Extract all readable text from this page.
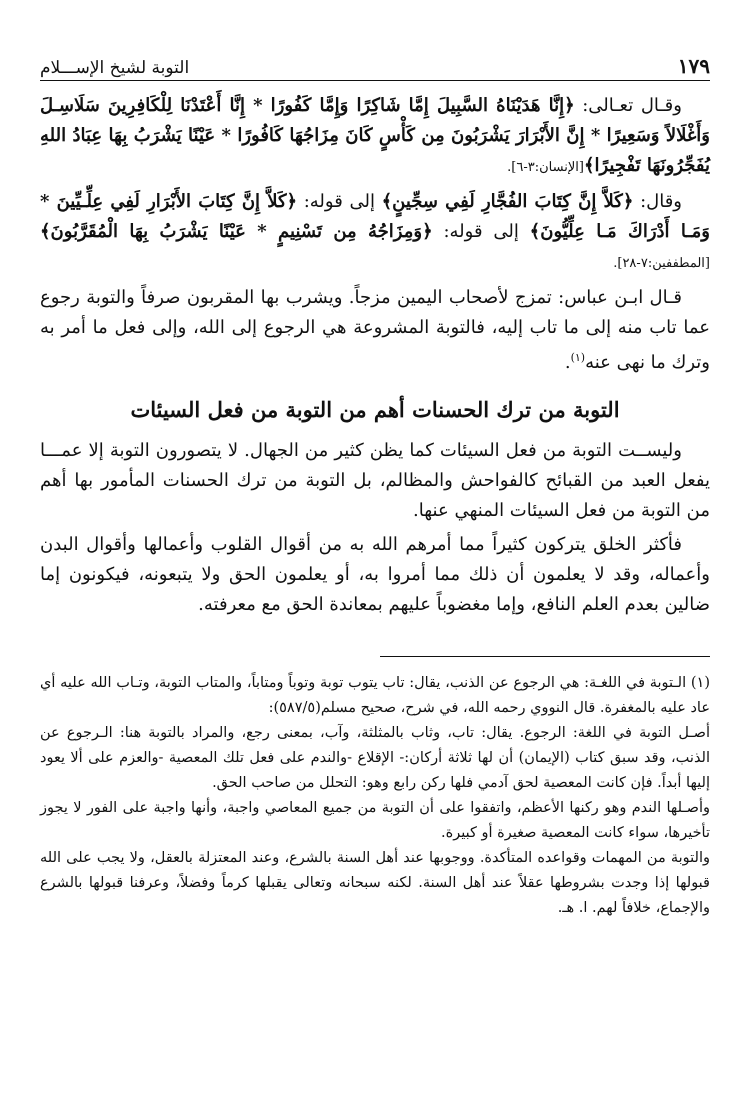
١٧٩
التوبة لشيخ الإســـلام

وقـال تعـالى: ﴿إِنَّا هَدَيْنَاهُ السَّبِيلَ إِمَّا شَاكِرًا وَإِمَّا كَفُورًا * إِنَّا أَعْتَدْنَا لِلْكَافِرِينَ سَلَاسِـلَ وَأَغْلَالاً وَسَعِيرًا * إِنَّ الأَبْرَارَ يَشْرَبُونَ مِن كَأْسٍ كَانَ مِزَاجُهَا كَافُورًا * عَيْنًا يَشْرَبُ بِهَا عِبَادُ اللهِ يُفَجِّرُونَهَا تَفْجِيرًا﴾[الإنسان:٣-٦].

وقال: ﴿كَلاَّ إِنَّ كِتَابَ الفُجَّارِ لَفِي سِجِّينٍ﴾ إلى قوله: ﴿كَلاَّ إِنَّ كِتَابَ الأَبْرَارِ لَفِي عِلِّـيِّينَ * وَمَـا أَدْرَاكَ مَـا عِلِّيُّونَ﴾ إلى قوله: ﴿وَمِزَاجُهُ مِن تَسْنِيمٍ * عَيْنًا يَشْرَبُ بِهَا الْمُقَرَّبُونَ﴾[المطففين:٧-٢٨].

قـال ابـن عباس: تمزج لأصحاب اليمين مزجاً. ويشرب بها المقربون صرفاً والتوبة رجوع عما تاب منه إلى ما تاب إليه، فالتوبة المشروعة هي الرجوع إلى الله، وإلى فعل ما أمر به وترك ما نهى عنه$^{(١)}$.

التوبة من ترك الحسنات أهم من التوبة من فعل السيئات

وليســت التوبة من فعل السيئات كما يظن كثير من الجهال. لا يتصورون التوبة إلا عمـــا يفعل العبد من القبائح كالفواحش والمظالم، بل التوبة من ترك الحسنات المأمور بها أهم من التوبة من فعل السيئات المنهي عنها.

فأكثر الخلق يتركون كثيراً مما أمرهم الله به من أقوال القلوب وأعمالها وأقوال البدن وأعماله، وقد لا يعلمون أن ذلك مما أمروا به، أو يعلمون الحق ولا يتبعونه، فيكونون إما ضالين بعدم العلم النافع، وإما مغضوباً عليهم بمعاندة الحق مع معرفته.

(١) الـتوبة في اللغـة: هي الرجوع عن الذنب، يقال: تاب يتوب توبة وتوباً ومتاباً، والمتاب التوبة، وتـاب الله عليه أي عاد عليه بالمغفرة. قال النووي رحمه الله، في شرح، صحيح مسلم(٥٨٧/٥):

أصـل التوبة في اللغة: الرجوع. يقال: تاب، وثاب بالمثلثة، وآب، بمعنى رجع، والمراد بالتوبة هنا: الـرجوع عن الذنب، وقد سبق كتاب (الإيمان) أن لها ثلاثة أركان:- الإقلاع -والندم على فعل تلك المعصية -والعزم على ألا يعود إليها أبداً. فإن كانت المعصية لحق آدمي فلها ركن رابع وهو: التحلل من صاحب الحق.

وأصـلها الندم وهو ركنها الأعظم، واتفقوا على أن التوبة من جميع المعاصي واجبة، وأنها واجبة على الفور لا يجوز تأخيرها، سواء كانت المعصية صغيرة أو كبيرة.

والتوبة من المهمات وقواعده المتأكدة. ووجوبها عند أهل السنة بالشرع، وعند المعتزلة بالعقل، ولا يجب على الله قبولها إذا وجدت بشروطها عقلاً عند أهل السنة. لكنه سبحانه وتعالى يقبلها كرماً وفضلاً، وعرفنا قبولها بالشرع والإجماع، خلافاً لهم. ا. هـ.
